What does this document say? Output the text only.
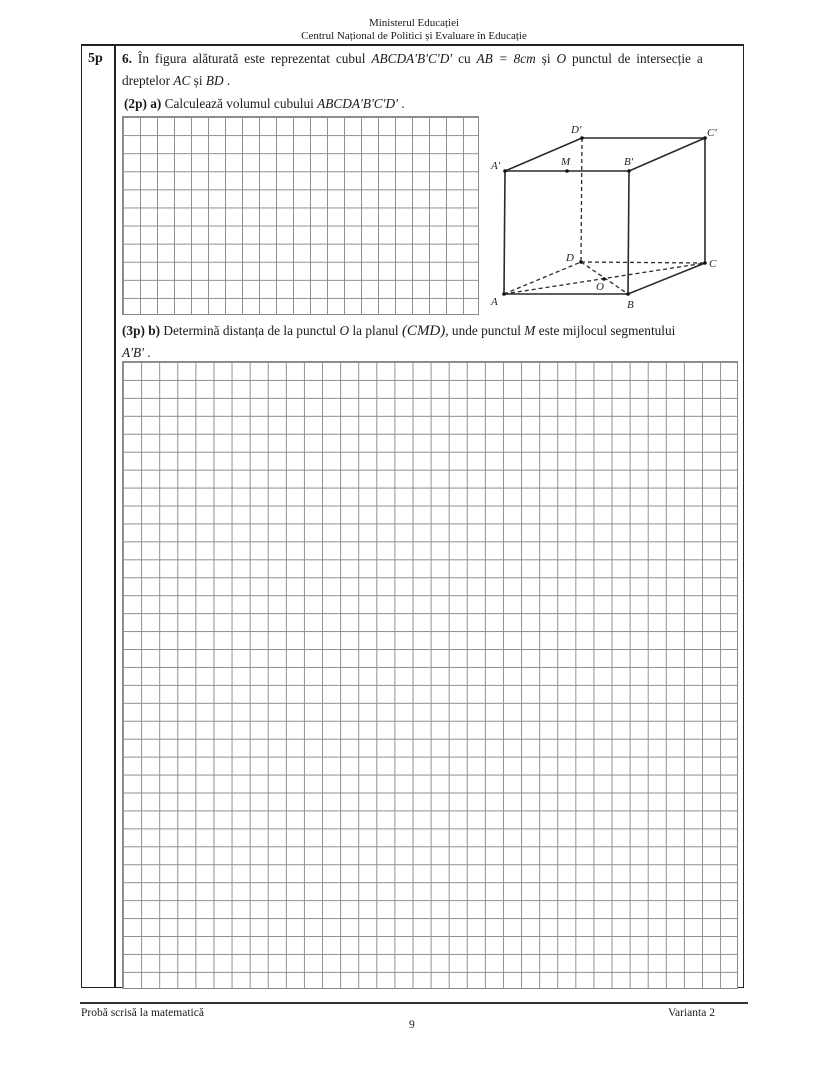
Ministerul Educației
Centrul Național de Politici și Evaluare în Educație
5p 6. În figura alăturată este reprezentat cubul ABCDA'B'C'D' cu AB = 8cm și O punctul de intersecție a
dreptelor AC și BD .
(2p) a) Calculează volumul cubului ABCDA'B'C'D' .
A′	M	B′
D′	C′
D	C
O
A	B
(3p) b) Determină distanța de la punctul O la planul (CMD), unde punctul M este mijlocul segmentului
A'B' .
Probă scrisă la matematică	Varianta 2
9
